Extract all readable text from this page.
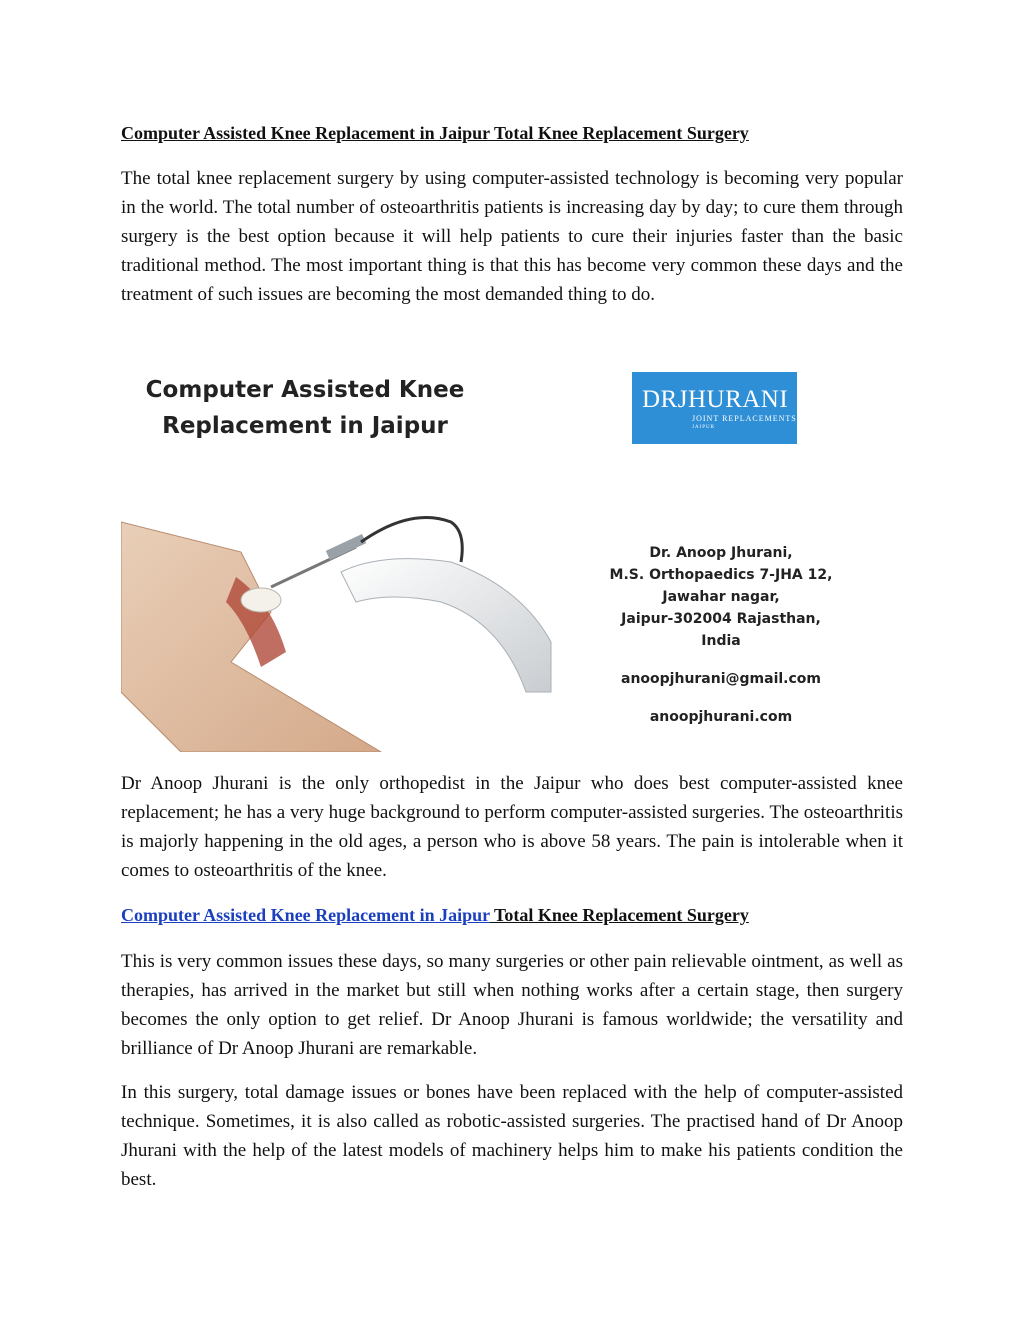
Computer Assisted Knee Replacement in Jaipur Total Knee Replacement Surgery

The total knee replacement surgery by using computer-assisted technology is becoming very popular in the world. The total number of osteoarthritis patients is increasing day by day; to cure them through surgery is the best option because it will help patients to cure their injuries faster than the basic traditional method. The most important thing is that this has become very common these days and the treatment of such issues are becoming the most demanded thing to do.

Computer Assisted Knee
Replacement in Jaipur
DRJHURANI
JOINT REPLACEMENTS
JAIPUR
Dr. Anoop Jhurani,
M.S. Orthopaedics 7-JHA 12,
Jawahar nagar,
Jaipur-302004 Rajasthan,
India
anoopjhurani@gmail.com
anoopjhurani.com

Dr Anoop Jhurani is the only orthopedist in the Jaipur who does best computer-assisted knee replacement; he has a very huge background to perform computer-assisted surgeries. The osteoarthritis is majorly happening in the old ages, a person who is above 58 years. The pain is intolerable when it comes to osteoarthritis of the knee.

Computer Assisted Knee Replacement in Jaipur Total Knee Replacement Surgery

This is very common issues these days, so many surgeries or other pain relievable ointment, as well as therapies, has arrived in the market but still when nothing works after a certain stage, then surgery becomes the only option to get relief. Dr Anoop Jhurani is famous worldwide; the versatility and brilliance of Dr Anoop Jhurani are remarkable.

In this surgery, total damage issues or bones have been replaced with the help of computer-assisted technique. Sometimes, it is also called as robotic-assisted surgeries. The practised hand of Dr Anoop Jhurani with the help of the latest models of machinery helps him to make his patients condition the best.
